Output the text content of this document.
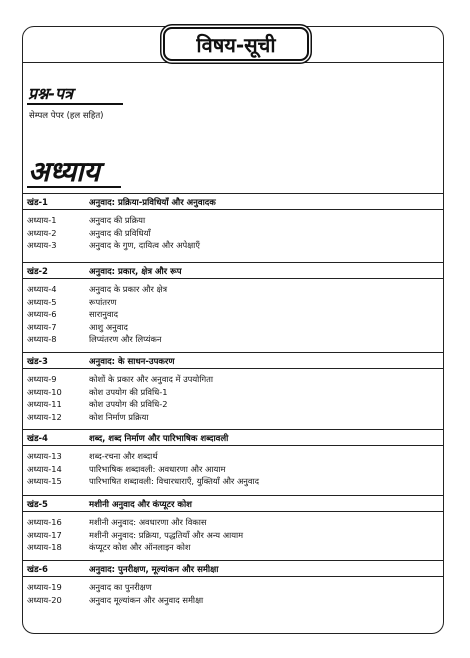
विषय-सूची
प्रश्न-पत्र
सेम्पल पेपर (हल सहित)
अध्याय
खंड-1	अनुवाद: प्रक्रिया-प्रविधियाँ और अनुवादक
अध्याय-1	अनुवाद की प्रक्रिया
अध्याय-2	अनुवाद की प्रविधियाँ
अध्याय-3	अनुवाद के गुण, दायित्व और अपेक्षाएँ
खंड-2	अनुवाद: प्रकार, क्षेत्र और रूप
अध्याय-4	अनुवाद के प्रकार और क्षेत्र
अध्याय-5	रूपांतरण
अध्याय-6	सारानुवाद
अध्याय-7	आशु अनुवाद
अध्याय-8	लिप्यंतरण और लिप्यंकन
खंड-3	अनुवाद: के साधन-उपकरण
अध्याय-9	कोशों के प्रकार और अनुवाद में उपयोगिता
अध्याय-10	कोश उपयोग की प्रविधि-1
अध्याय-11	कोश उपयोग की प्रविधि-2
अध्याय-12	कोश निर्माण प्रक्रिया
खंड-4	शब्द, शब्द निर्माण और पारिभाषिक शब्दावली
अध्याय-13	शब्द-रचना और शब्दार्थ
अध्याय-14	पारिभाषिक शब्दावली: अवधारणा और आयाम
अध्याय-15	पारिभाषित शब्दावली: विचारधाराएँ, युक्तियाँ और अनुवाद
खंड-5	मशीनी अनुवाद और कंप्यूटर कोश
अध्याय-16	मशीनी अनुवाद: अवधारणा और विकास
अध्याय-17	मशीनी अनुवाद: प्रक्रिया, पद्धतियाँ और अन्य आयाम
अध्याय-18	कंप्यूटर कोश और ऑनलाइन कोश
खंड-6	अनुवाद: पुनरीक्षण, मूल्यांकन और समीक्षा
अध्याय-19	अनुवाद का पुनरीक्षण
अध्याय-20	अनुवाद मूल्यांकन और अनुवाद समीक्षा
